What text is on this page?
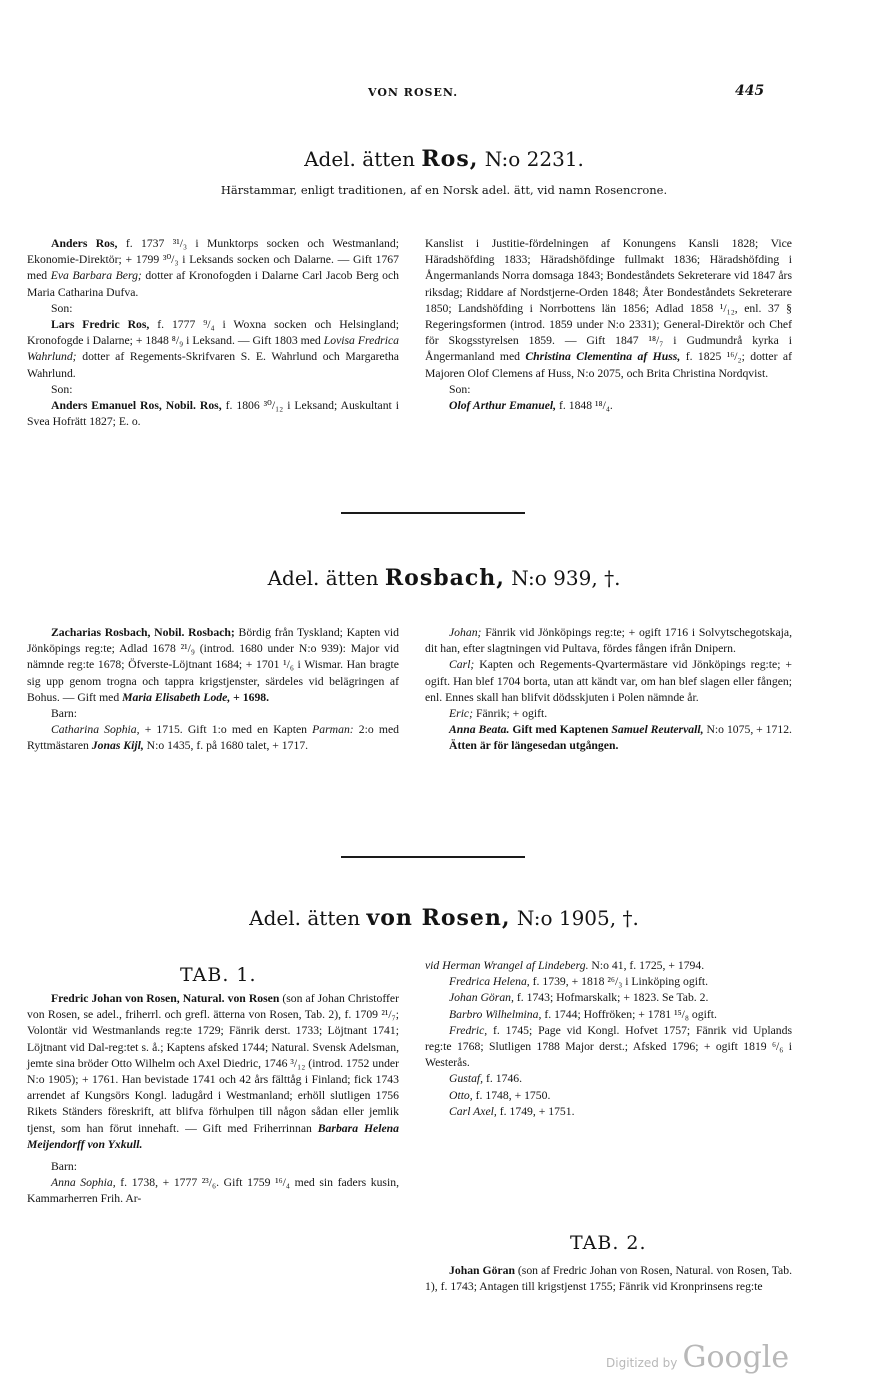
VON ROSEN.	445
Adel. ätten Ros, N:o 2231.
Härstammar, enligt traditionen, af en Norsk adel. ätt, vid namn Rosencrone.

Anders Ros, f. 1737 ³¹/₃ i Munktorps socken och Westmanland; Ekonomie-Direktör; + 1799 ³⁰/₃ i Leksands socken och Dalarne. — Gift 1767 med Eva Barbara Berg; dotter af Kronofogden i Dalarne Carl Jacob Berg och Maria Catharina Dufva.

Son:

Lars Fredric Ros, f. 1777 ⁹/₄ i Woxna socken och Helsingland; Kronofogde i Dalarne; + 1848 ⁸/₉ i Leksand. — Gift 1803 med Lovisa Fredrica Wahrlund; dotter af Regements-Skrifvaren S. E. Wahrlund och Margaretha Wahrlund.

Son:

Anders Emanuel Ros, Nobil. Ros, f. 1806 ³⁰/₁₂ i Leksand; Auskultant i Svea Hofrätt 1827; E. o.

Kanslist i Justitie-fördelningen af Konungens Kansli 1828; Vice Häradshöfding 1833; Häradshöfdinge fullmakt 1836; Häradshöfding i Ångermanlands Norra domsaga 1843; Bondeståndets Sekreterare vid 1847 års riksdag; Riddare af Nordstjerne-Orden 1848; Åter Bondeståndets Sekreterare 1850; Landshöfding i Norrbottens län 1856; Adlad 1858 ¹/₁₂, enl. 37 § Regeringsformen (introd. 1859 under N:o 2331); General-Direktör och Chef för Skogsstyrelsen 1859. — Gift 1847 ¹⁸/₇ i Gudmundrå kyrka i Ångermanland med Christina Clementina af Huss, f. 1825 ¹⁶/₂; dotter af Majoren Olof Clemens af Huss, N:o 2075, och Brita Christina Nordqvist.

Son:

Olof Arthur Emanuel, f. 1848 ¹⁸/₄.

Adel. ätten Rosbach, N:o 939, †.

Zacharias Rosbach, Nobil. Rosbach; Bördig från Tyskland; Kapten vid Jönköpings reg:te; Adlad 1678 ²¹/₉ (introd. 1680 under N:o 939): Major vid nämnde reg:te 1678; Öfverste-Löjtnant 1684; + 1701 ¹/₆ i Wismar. Han bragte sig upp genom trogna och tappra krigstjenster, särdeles vid belägringen af Bohus. — Gift med Maria Elisabeth Lode, + 1698.

Barn:

Catharina Sophia, + 1715. Gift 1:o med en Kapten Parman: 2:o med Ryttmästaren Jonas Kijl, N:o 1435, f. på 1680 talet, + 1717.

Johan; Fänrik vid Jönköpings reg:te; + ogift 1716 i Solvytschegotskaja, dit han, efter slagtningen vid Pultava, fördes fången ifrån Dnipern.

Carl; Kapten och Regements-Qvartermästare vid Jönköpings reg:te; + ogift. Han blef 1704 borta, utan att kändt var, om han blef slagen eller fången; enl. Ennes skall han blifvit dödsskjuten i Polen nämnde år.

Eric; Fänrik; + ogift.

Anna Beata. Gift med Kaptenen Samuel Reutervall, N:o 1075, + 1712.

Ätten är för längesedan utgången.

Adel. ätten von Rosen, N:o 1905, †.
TAB. 1.

Fredric Johan von Rosen, Natural. von Rosen (son af Johan Christoffer von Rosen, se adel., friherrl. och grefl. ätterna von Rosen, Tab. 2), f. 1709 ²¹/₇; Volontär vid Westmanlands reg:te 1729; Fänrik derst. 1733; Löjtnant 1741; Löjtnant vid Dal-reg:tet s. å.; Kaptens afsked 1744; Natural. Svensk Adelsman, jemte sina bröder Otto Wilhelm och Axel Diedric, 1746 ³/₁₂ (introd. 1752 under N:o 1905); + 1761. Han bevistade 1741 och 42 års fälttåg i Finland; fick 1743 arrendet af Kungsörs Kongl. ladugård i Westmanland; erhöll slutligen 1756 Rikets Ständers föreskrift, att blifva förhulpen till någon sådan eller jemlik tjenst, som han förut innehaft. — Gift med Friherrinnan Barbara Helena Meijendorff von Yxkull.

Barn:

Anna Sophia, f. 1738, + 1777 ²³/₆. Gift 1759 ¹⁶/₄ med sin faders kusin, Kammarherren Frih. Ar-

vid Herman Wrangel af Lindeberg. N:o 41, f. 1725, + 1794.

Fredrica Helena, f. 1739, + 1818 ²⁶/₃ i Linköping ogift.

Johan Göran, f. 1743; Hofmarskalk; + 1823. Se Tab. 2.

Barbro Wilhelmina, f. 1744; Hoffröken; + 1781 ¹⁵/₈ ogift.

Fredric, f. 1745; Page vid Kongl. Hofvet 1757; Fänrik vid Uplands reg:te 1768; Slutligen 1788 Major derst.; Afsked 1796; + ogift 1819 ⁶/₆ i Westerås.

Gustaf, f. 1746.

Otto, f. 1748, + 1750.

Carl Axel, f. 1749, + 1751.

TAB. 2.

Johan Göran (son af Fredric Johan von Rosen, Natural. von Rosen, Tab. 1), f. 1743; Antagen till krigstjenst 1755; Fänrik vid Kronprinsens reg:te

Digitized by Google
